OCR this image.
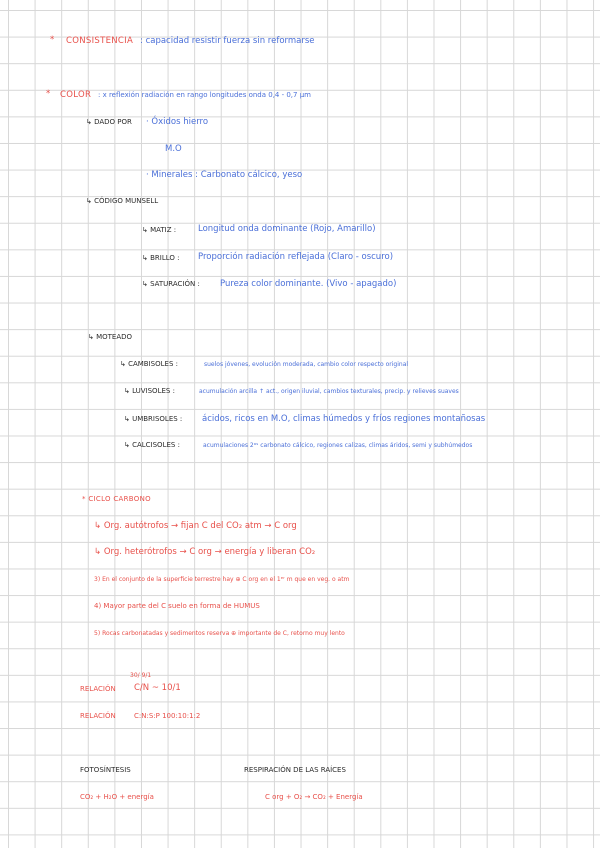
* CONSISTENCIA : capacidad resistir fuerza sin reformarse
* COLOR : x reflexión radiación en rango longitudes onda 0,4 - 0,7 μm
↳ DADO POR · Óxidos hierro
M.O
· Minerales : Carbonato cálcico, yeso
↳ CÓDIGO MUNSELL
↳ MATIZ :	Longitud onda dominante (Rojo, Amarillo)
↳ BRILLO : Proporción radiación reflejada (Claro - oscuro)
↳ SATURACIÓN : Pureza color dominante. (Vivo - apagado)
↳ MOTEADO
↳ CAMBISOLES :	suelos jóvenes, evolución moderada, cambio color respecto original
↳ LUVISOLES :	acumulación arcilla ↑ act., origen iluvial, cambios texturales, precip. y relieves suaves
↳ UMBRISOLES : ácidos, ricos en M.O, climas húmedos y fríos regiones montañosas
↳ CALCISOLES :	acumulaciones 2ᵃˢ carbonato cálcico, regiones calizas, climas áridos, semi y subhúmedos
* CICLO CARBONO
↳ Org. autótrofos → fijan C del CO₂ atm → C org
↳ Org. heterótrofos → C org → energía y liberan CO₂
3) En el conjunto de la superficie terrestre hay ⊕ C org en el 1ᵉʳ m que en veg. o atm
4) Mayor parte del C suelo en forma de HUMUS
5) Rocas carbonatadas y sedimentos reserva ⊕ importante de C, retorno muy lento
30/ 9/1
RELACIÓN C/N ~ 10/1
RELACIÓN	C:N:S:P 100:10:1:2
FOTOSÍNTESIS
CO₂ + H₂O + energía
RESPIRACIÓN DE LAS RAÍCES
C org + O₂ → CO₂ + Energía
